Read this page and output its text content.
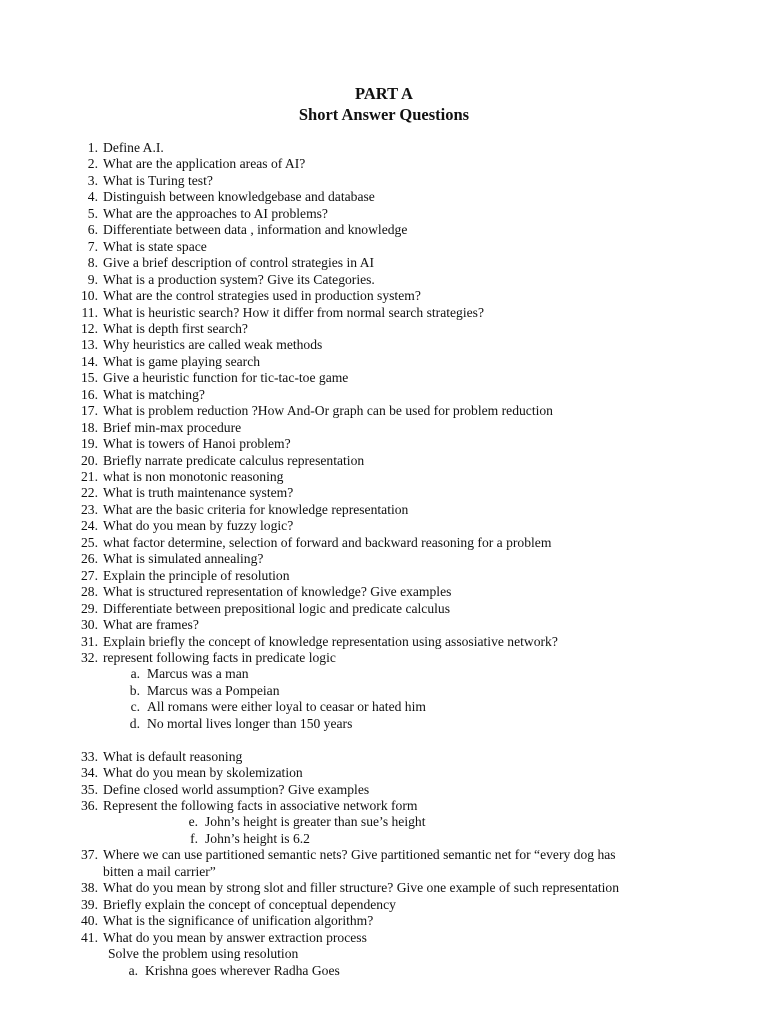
PART A
Short Answer Questions
1. Define A.I.
2. What are the application areas of AI?
3. What is Turing test?
4. Distinguish between knowledgebase and database
5. What are the approaches to AI problems?
6. Differentiate between data , information and knowledge
7. What is state space
8. Give a brief description of control strategies in AI
9. What is a production system? Give its Categories.
10. What are the control strategies used in production system?
11. What is heuristic search? How it differ from normal search strategies?
12. What is depth first search?
13. Why heuristics are called weak methods
14. What is game playing search
15. Give a heuristic function for tic-tac-toe game
16. What is matching?
17. What is problem reduction ?How And-Or graph can be used for problem reduction
18. Brief min-max procedure
19. What is towers of Hanoi problem?
20. Briefly narrate predicate calculus representation
21. what is non monotonic reasoning
22. What is truth maintenance system?
23. What are the basic criteria for knowledge representation
24. What do you mean by fuzzy logic?
25. what factor determine, selection of forward and backward reasoning for a problem
26. What is simulated annealing?
27. Explain the principle of resolution
28. What is structured representation of knowledge? Give examples
29. Differentiate between prepositional logic and predicate calculus
30. What are frames?
31. Explain briefly the concept of knowledge representation using assosiative network?
32. represent following facts in predicate logic
a. Marcus was a man
b. Marcus was a Pompeian
c. All romans were either loyal to ceasar or hated him
d. No mortal lives longer than 150 years
33. What is default reasoning
34. What do you mean by skolemization
35. Define closed world assumption? Give examples
36. Represent the following facts in associative network form
e. John’s height is greater than sue’s height
f. John’s height is 6.2
37. Where we can use partitioned semantic nets? Give partitioned semantic net for “every dog has
bitten a mail carrier”
38. What do you mean by strong slot and filler structure? Give one example of such representation
39. Briefly explain the concept of conceptual dependency
40. What is the significance of unification algorithm?
41. What do you mean by answer extraction process
Solve the problem using resolution
a. Krishna goes wherever Radha Goes
